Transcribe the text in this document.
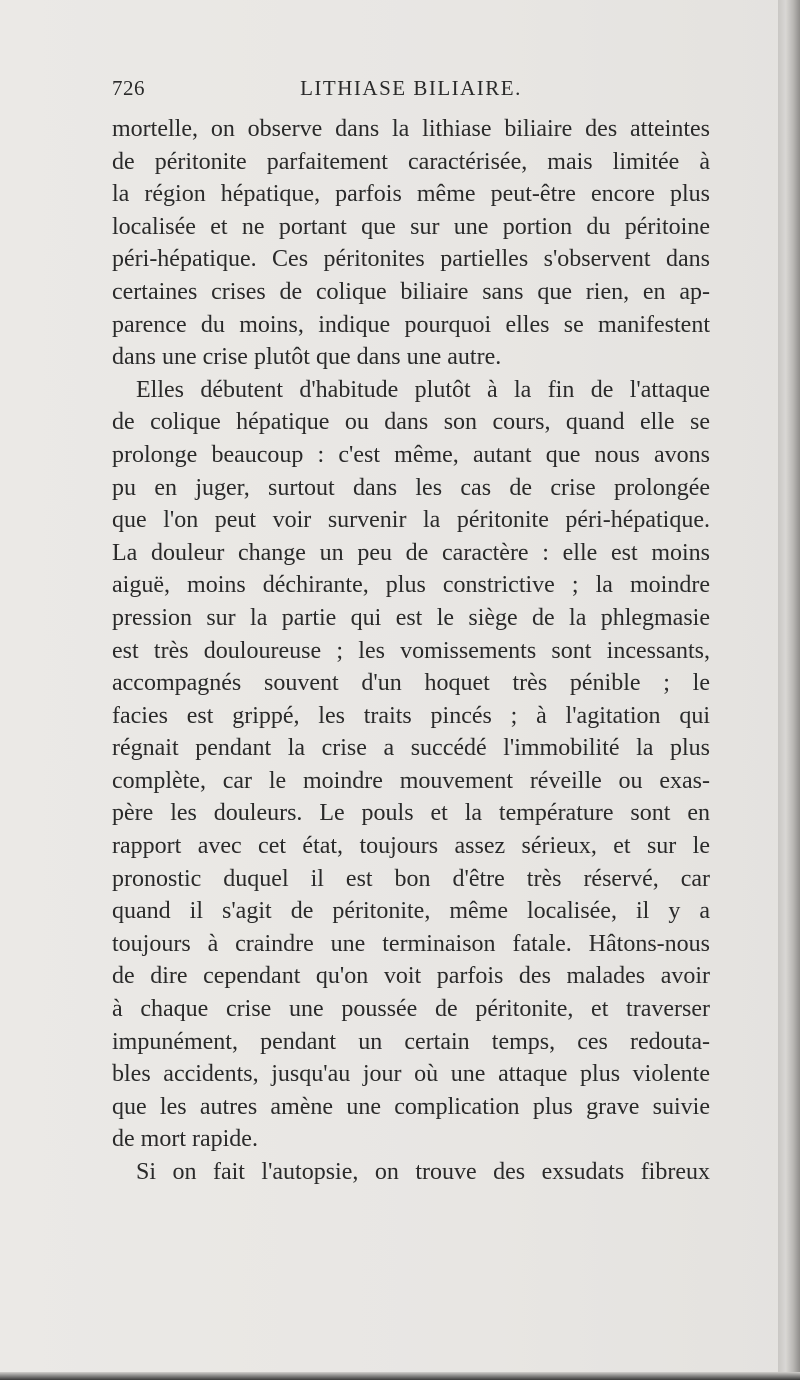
726	LITHIASE BILIAIRE.
mortelle, on observe dans la lithiase biliaire des atteintes
de péritonite parfaitement caractérisée, mais limitée à
la région hépatique, parfois même peut-être encore plus
localisée et ne portant que sur une portion du péritoine
péri-hépatique. Ces péritonites partielles s'observent dans
certaines crises de colique biliaire sans que rien, en ap-
parence du moins, indique pourquoi elles se manifestent
dans une crise plutôt que dans une autre.
Elles débutent d'habitude plutôt à la fin de l'attaque
de colique hépatique ou dans son cours, quand elle se
prolonge beaucoup : c'est même, autant que nous avons
pu en juger, surtout dans les cas de crise prolongée
que l'on peut voir survenir la péritonite péri-hépatique.
La douleur change un peu de caractère : elle est moins
aiguë, moins déchirante, plus constrictive ; la moindre
pression sur la partie qui est le siège de la phlegmasie
est très douloureuse ; les vomissements sont incessants,
accompagnés souvent d'un hoquet très pénible ; le
facies est grippé, les traits pincés ; à l'agitation qui
régnait pendant la crise a succédé l'immobilité la plus
complète, car le moindre mouvement réveille ou exas-
père les douleurs. Le pouls et la température sont en
rapport avec cet état, toujours assez sérieux, et sur le
pronostic duquel il est bon d'être très réservé, car
quand il s'agit de péritonite, même localisée, il y a
toujours à craindre une terminaison fatale. Hâtons-nous
de dire cependant qu'on voit parfois des malades avoir
à chaque crise une poussée de péritonite, et traverser
impunément, pendant un certain temps, ces redouta-
bles accidents, jusqu'au jour où une attaque plus violente
que les autres amène une complication plus grave suivie
de mort rapide.
Si on fait l'autopsie, on trouve des exsudats fibreux
